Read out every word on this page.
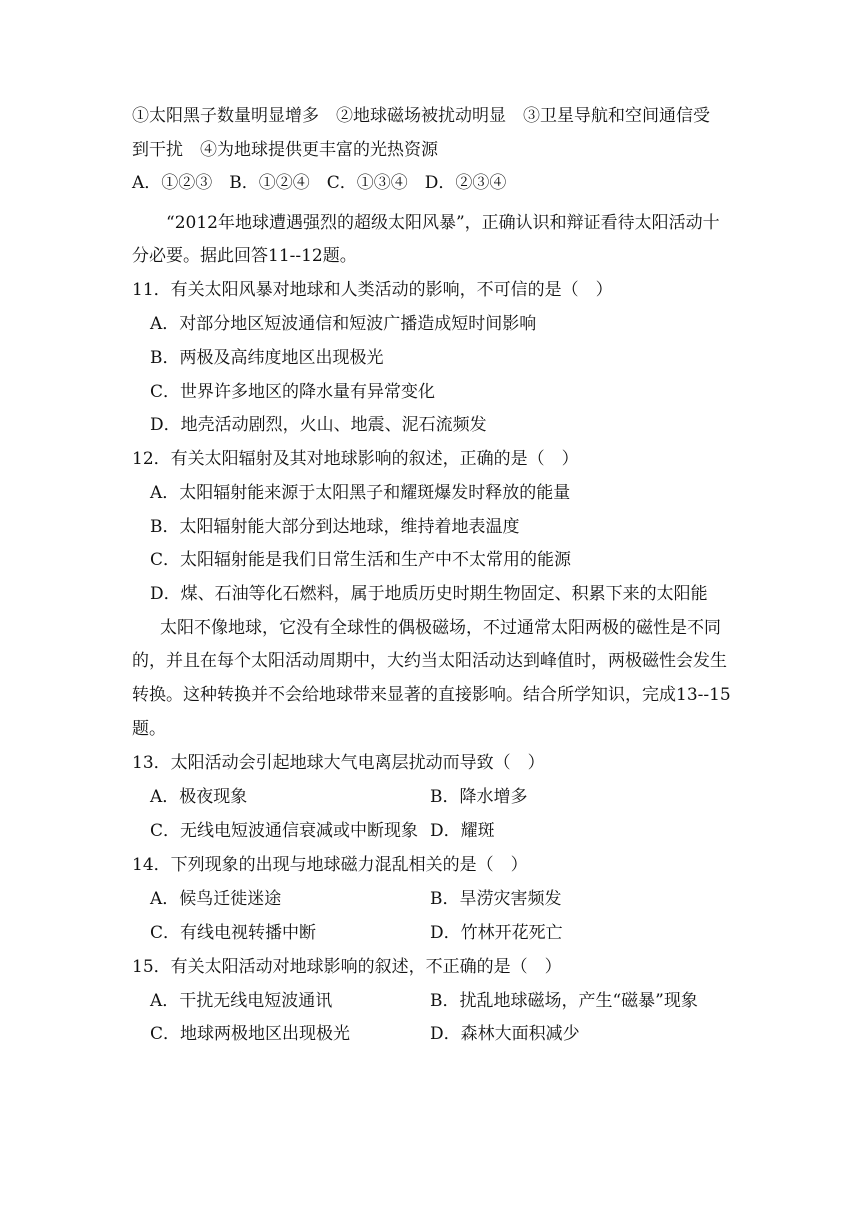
①太阳黑子数量明显增多　②地球磁场被扰动明显　③卫星导航和空间通信受
到干扰　④为地球提供更丰富的光热资源
A．①②③　B．①②④　C．①③④　D．②③④
“2012年地球遭遇强烈的超级太阳风暴”，正确认识和辩证看待太阳活动十
分必要。据此回答11--12题。
11．有关太阳风暴对地球和人类活动的影响，不可信的是（　）
A．对部分地区短波通信和短波广播造成短时间影响
B．两极及高纬度地区出现极光
C．世界许多地区的降水量有异常变化
D．地壳活动剧烈，火山、地震、泥石流频发
12．有关太阳辐射及其对地球影响的叙述，正确的是（　）
A．太阳辐射能来源于太阳黑子和耀斑爆发时释放的能量
B．太阳辐射能大部分到达地球，维持着地表温度
C．太阳辐射能是我们日常生活和生产中不太常用的能源
D．煤、石油等化石燃料，属于地质历史时期生物固定、积累下来的太阳能
太阳不像地球，它没有全球性的偶极磁场，不过通常太阳两极的磁性是不同
的，并且在每个太阳活动周期中，大约当太阳活动达到峰值时，两极磁性会发生
转换。这种转换并不会给地球带来显著的直接影响。结合所学知识，完成13--15
题。
13．太阳活动会引起地球大气电离层扰动而导致（　）
A．极夜现象	B．降水增多
C．无线电短波通信衰减或中断现象 D．耀斑
14．下列现象的出现与地球磁力混乱相关的是（　）
A．候鸟迁徙迷途	B．旱涝灾害频发
C．有线电视转播中断	D．竹林开花死亡
15．有关太阳活动对地球影响的叙述，不正确的是（　）
A．干扰无线电短波通讯	B．扰乱地球磁场，产生“磁暴”现象
C．地球两极地区出现极光	D．森林大面积减少
